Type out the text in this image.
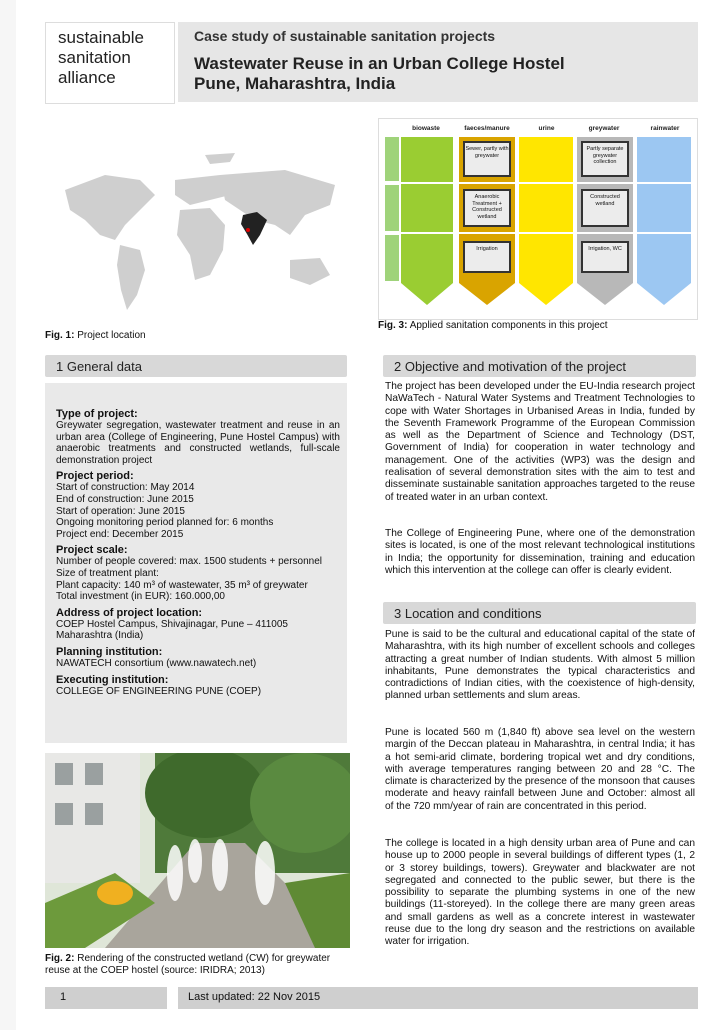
sustainable
sanitation
alliance
Case study of sustainable sanitation projects
Wastewater Reuse in an Urban College Hostel
Pune, Maharashtra, India
Fig. 1: Project location
biowaste	faeces/manure	urine	greywater	rainwater
Sewer, partly with greywater
Anaerobic Treatment + Constructed wetland
Irrigation
Partly separate greywater collection
Constructed wetland
Irrigation, WC
Fig. 3: Applied sanitation components in this project
1 General data
Type of project:
Greywater segregation, wastewater treatment and reuse in an urban area (College of Engineering, Pune Hostel Campus) with anaerobic treatments and constructed wetlands, full-scale demonstration project
Project period:
Start of construction: May 2014
End of construction: June 2015
Start of operation: June 2015
Ongoing monitoring period planned for: 6 months
Project end: December 2015
Project scale:
Number of people covered: max. 1500 students + personnel
Size of treatment plant:
Plant capacity: 140 m³ of wastewater, 35 m³ of greywater
Total investment (in EUR): 160.000,00
Address of project location:
COEP Hostel Campus, Shivajinagar, Pune – 411005
Maharashtra (India)
Planning institution:
NAWATECH consortium (www.nawatech.net)
Executing institution:
COLLEGE OF ENGINEERING PUNE (COEP)
Fig. 2: Rendering of the constructed wetland (CW) for greywater reuse at the COEP hostel (source: IRIDRA; 2013)
2 Objective and motivation of the project
The project has been developed under the EU-India research project NaWaTech - Natural Water Systems and Treatment Technologies to cope with Water Shortages in Urbanised Areas in India, funded by the Seventh Framework Programme of the European Commission as well as the Department of Science and Technology (DST, Government of India) for cooperation in water technology and management. One of the activities (WP3) was the design and realisation of several demonstration sites with the aim to test and disseminate sustainable sanitation approaches targeted to the reuse of treated water in an urban context.
The College of Engineering Pune, where one of the demonstration sites is located, is one of the most relevant technological institutions in India; the opportunity for dissemination, training and education which this intervention at the college can offer is clearly evident.
3 Location and conditions
Pune is said to be the cultural and educational capital of the state of Maharashtra, with its high number of excellent schools and colleges attracting a great number of Indian students. With almost 5 million inhabitants, Pune demonstrates the typical characteristics and contradictions of Indian cities, with the coexistence of high-density, planned urban settlements and slum areas.
Pune is located 560 m (1,840 ft) above sea level on the western margin of the Deccan plateau in Maharashtra, in central India; it has a hot semi-arid climate, bordering tropical wet and dry conditions, with average temperatures ranging between 20 and 28 °C. The climate is characterized by the presence of the monsoon that causes moderate and heavy rainfall between June and October: almost all of the 720 mm/year of rain are concentrated in this period.
The college is located in a high density urban area of Pune and can house up to 2000 people in several buildings of different types (1, 2 or 3 storey buildings, towers). Greywater and blackwater are not segregated and connected to the public sewer, but there is the possibility to separate the plumbing systems in one of the new buildings (11-storeyed). In the college there are many green areas and small gardens as well as a concrete interest in wastewater reuse due to the long dry season and the restrictions on available water for irrigation.
1	Last updated: 22 Nov 2015
